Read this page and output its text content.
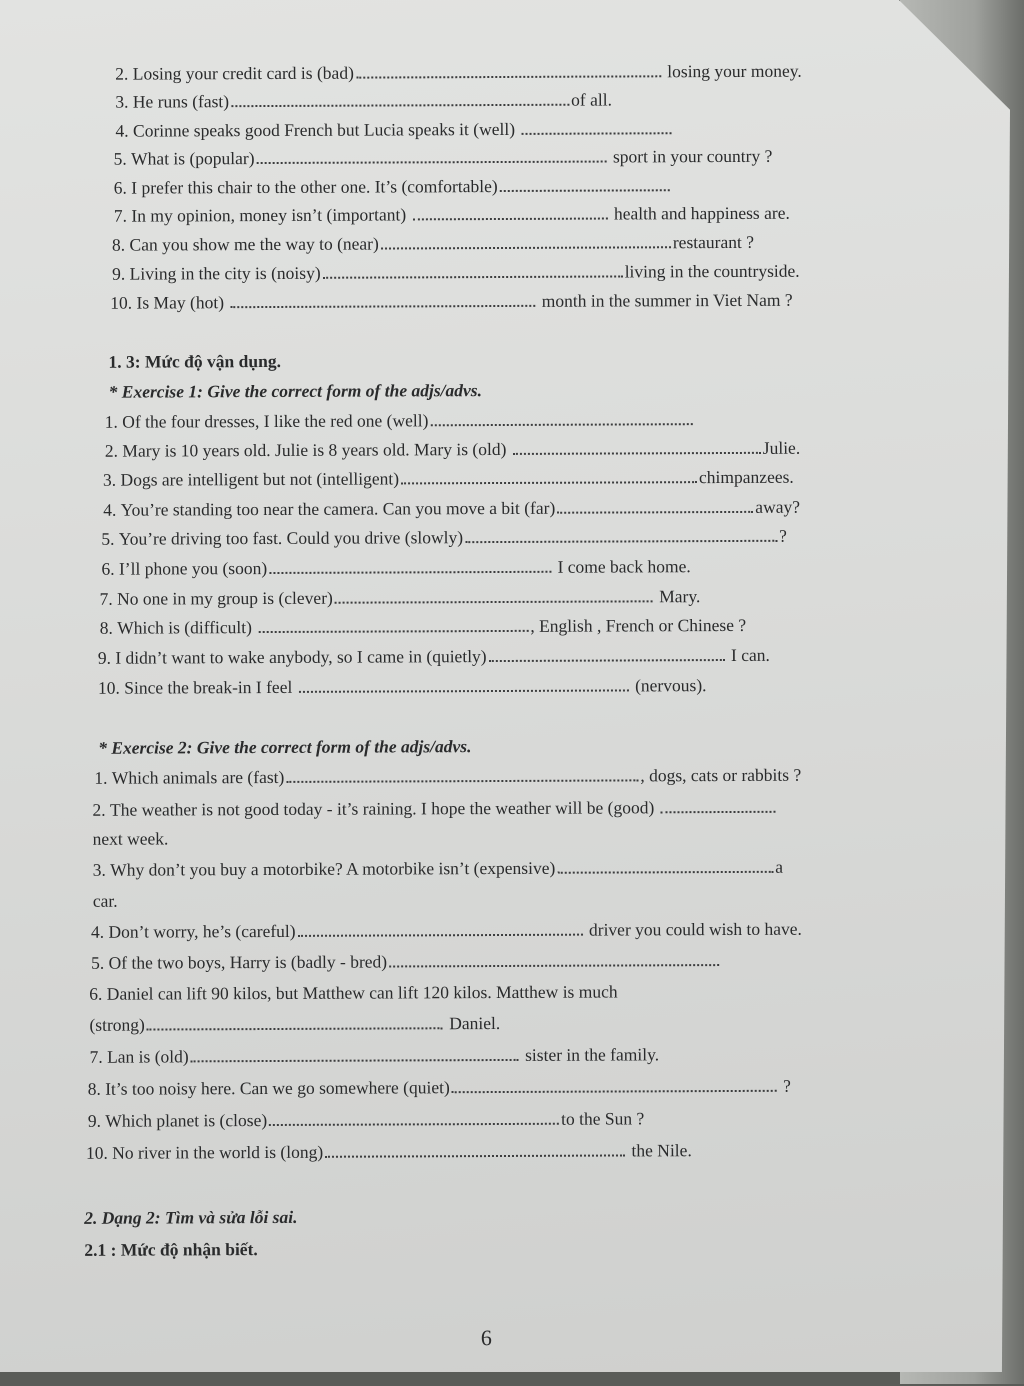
2.
Losing your credit card is (bad)
	losing your money.
3.
He runs (fast)	of all.
4.
Corinne speaks good French but Lucia speaks it (well)

5.
What is (popular)
	sport in your country ?
6.
I prefer this chair to the other one. It’s (comfortable)
7.
In my opinion, money isn’t (important)

	health and happiness are.
8.
Can you show me the way to (near)	restaurant ?
9.
Living in the city is (noisy)	living in the countryside.
10.
Is May (hot)

	month in the summer in Viet Nam ?
1. 3: Mức độ vận dụng.
* Exercise 1: Give the correct form of the adjs/advs.
1.
Of the four dresses, I like the red one (well)
2.
Mary is 10 years old. Julie is 8 years old. Mary is (old)
	Julie.
3.
Dogs are intelligent but not (intelligent)	chimpanzees.
4.
You’re standing too near the camera. Can you move a bit (far)	away?
5.
You’re driving too fast. Could you drive (slowly)	?
6.
I’ll phone you (soon)
	I come back home.
7.
No one in my group is (clever)
	Mary.
8.
Which is (difficult)
	, English , French or Chinese ?
9.
I didn’t want to wake anybody, so I came in (quietly)
	I can.
10.
Since the break-in I feel

	(nervous).
* Exercise 2: Give the correct form of the adjs/advs.
1.
Which animals are (fast)	, dogs, cats or rabbits ?
2.
The weather is not good today - it’s raining. I hope the weather will be (good)

next week.
3.
Why don’t you buy a motorbike? A motorbike isn’t (expensive)	a
car.
4.
Don’t worry, he’s (careful)
	driver you could wish to have.
5.
Of the two boys, Harry is (badly - bred)
6.
Daniel can lift 90 kilos, but Matthew can lift 120 kilos. Matthew is much
(strong)
	Daniel.
7.
Lan is (old)
	sister in the family.
8.
It’s too noisy here. Can we go somewhere (quiet)
	?
9.
Which planet is (close)	to the Sun ?
10.
No river in the world is (long)
	the Nile.
2. Dạng 2: Tìm và sửa lỗi sai.
2.1 : Mức độ nhận biết.
6
